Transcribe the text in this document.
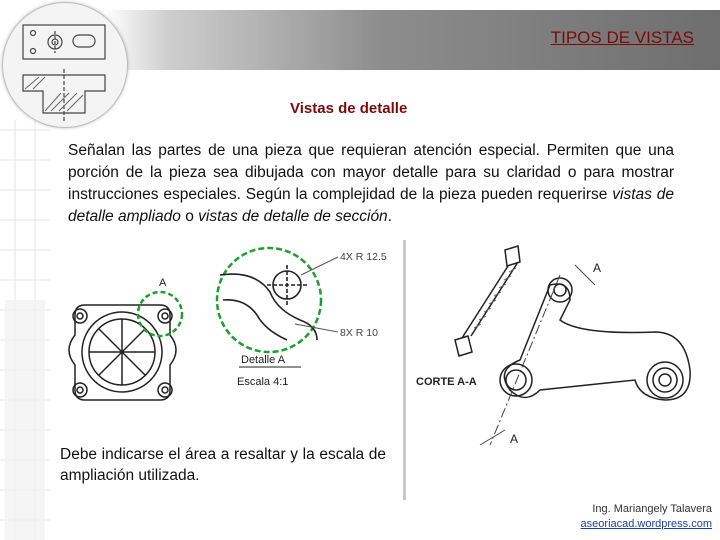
TIPOS DE VISTAS
Vistas de detalle
Señalan las partes de una pieza que requieran atención especial. Permiten que una porción de la pieza sea dibujada con mayor detalle para su claridad o para mostrar instrucciones especiales. Según la complejidad de la pieza pueden requerirse vistas de detalle ampliado o vistas de detalle de sección.
A
4X R 12.5
8X R 10
Detalle A
Escala 4:1
A
A
CORTE A-A
Debe indicarse el área a resaltar y la escala de ampliación utilizada.
Ing. Mariangely Talavera
aseoriacad.wordpress.com
